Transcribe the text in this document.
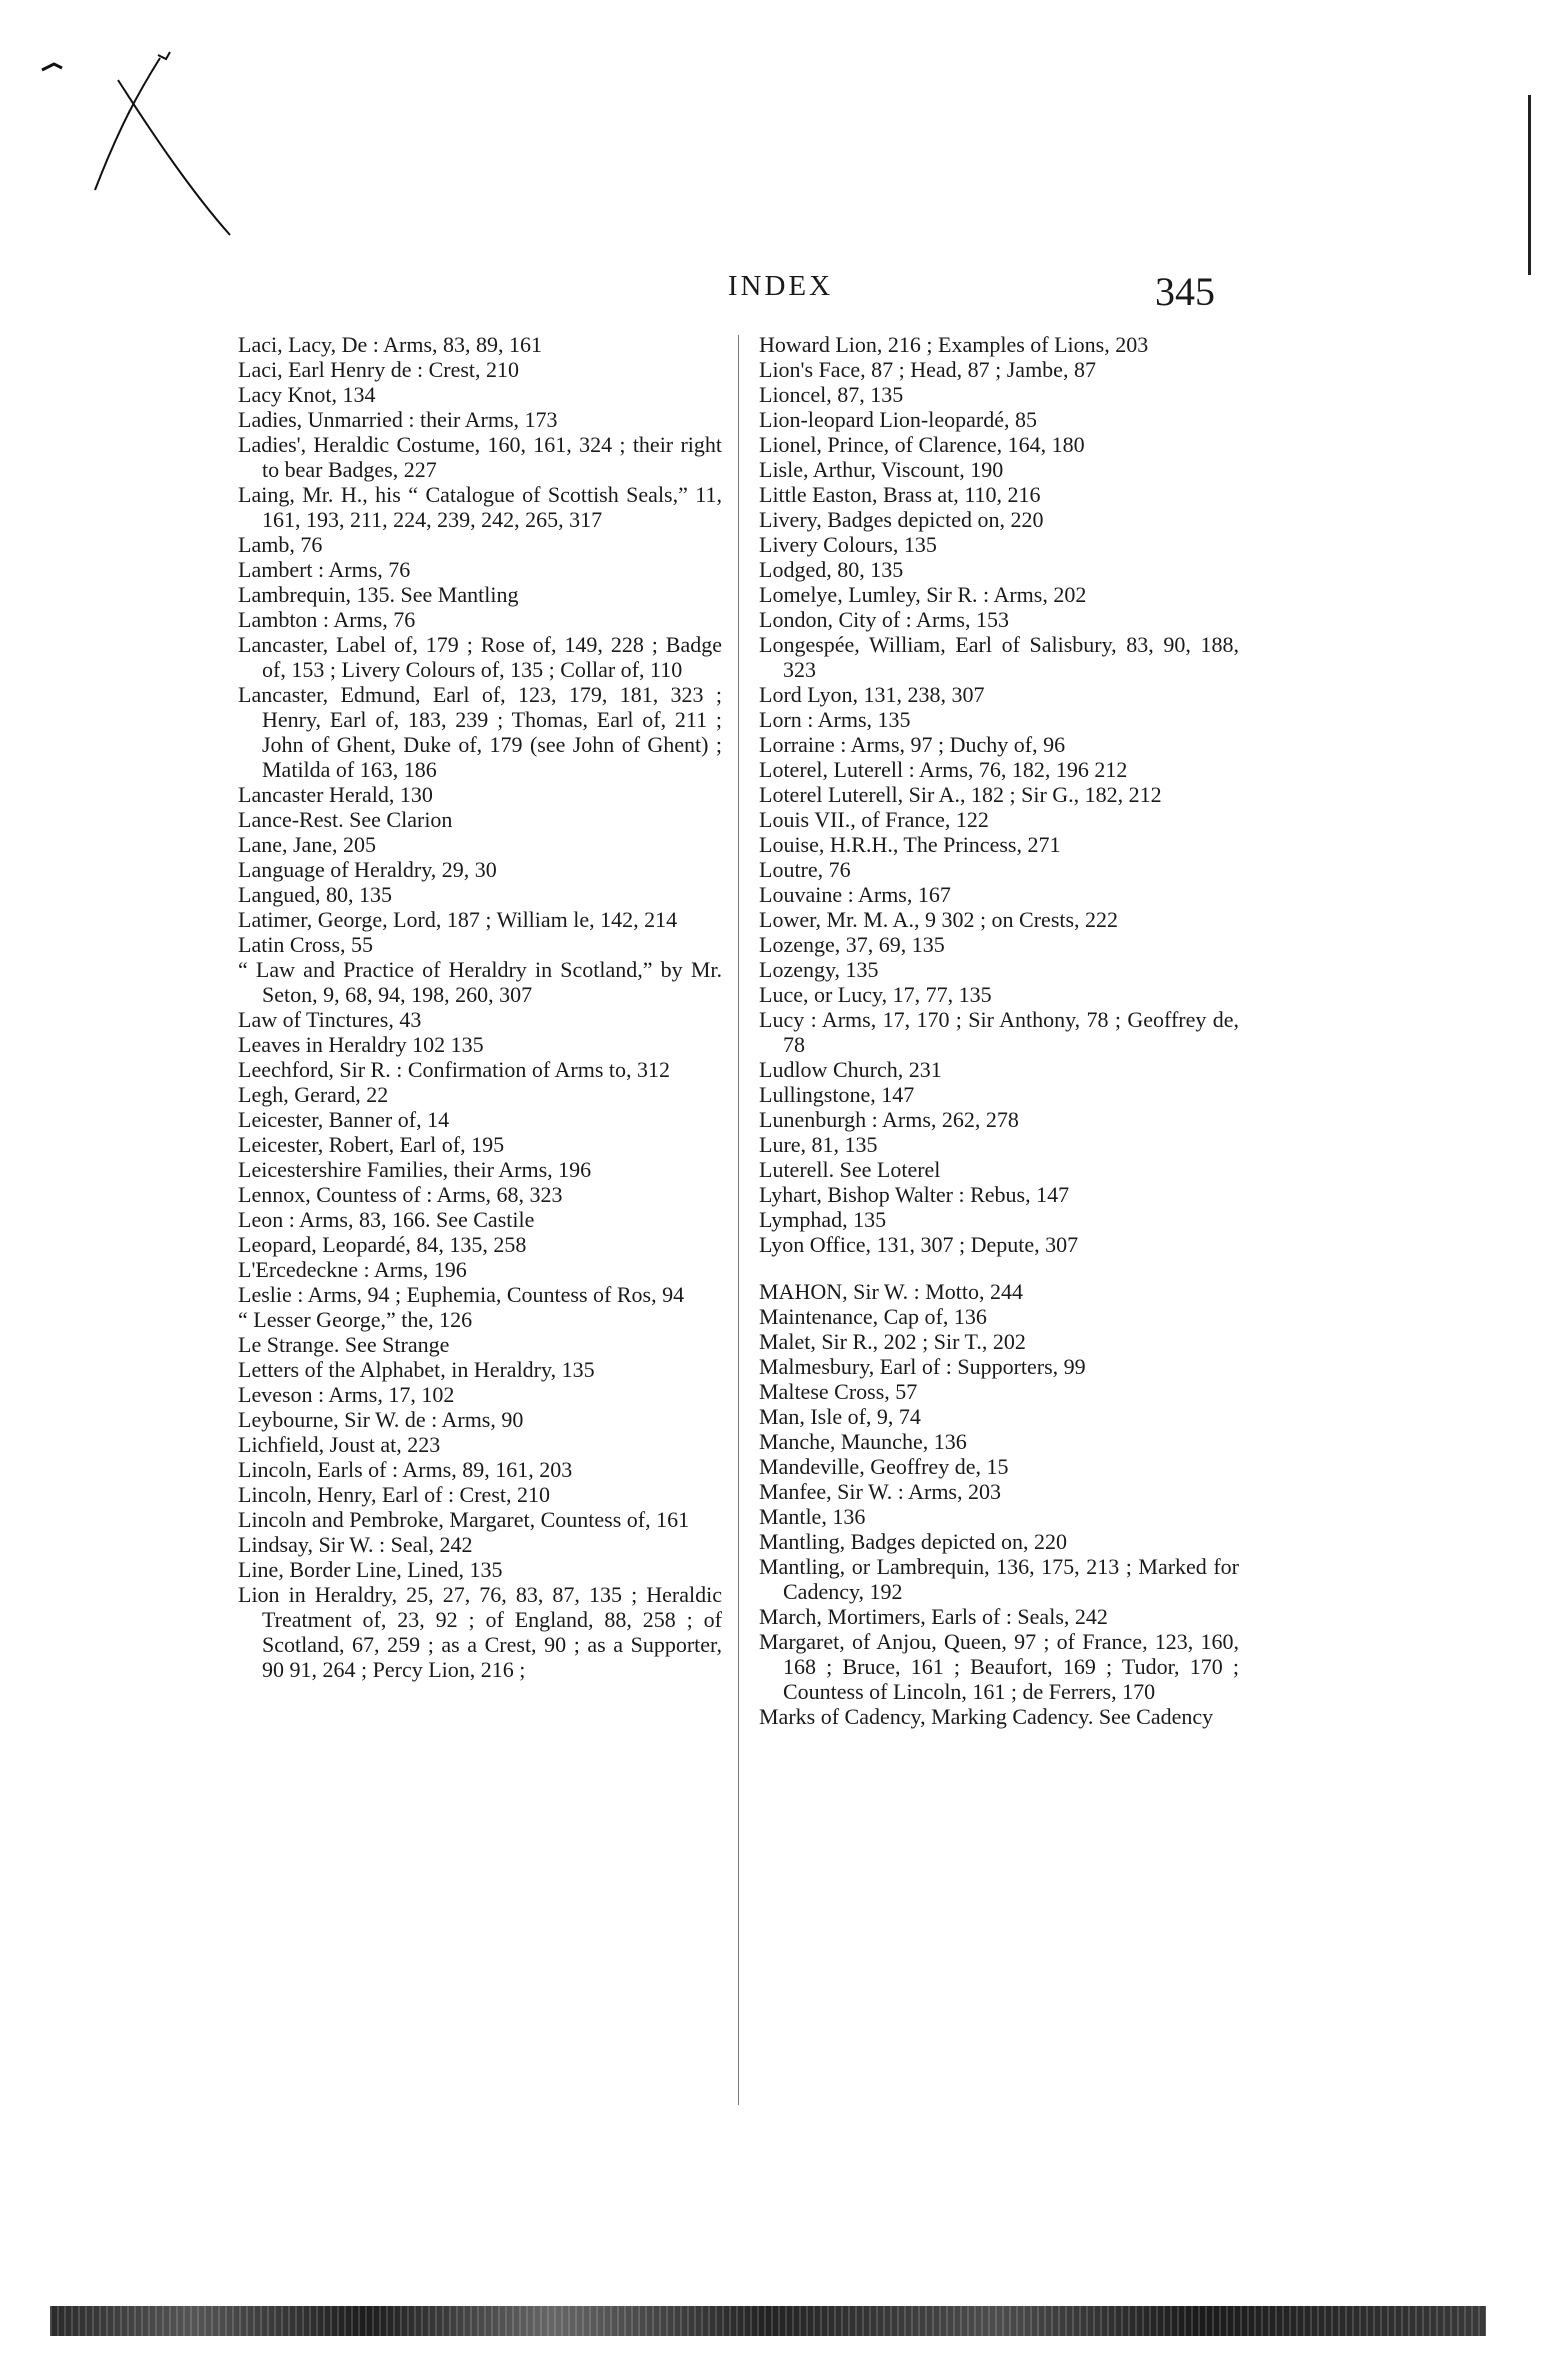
INDEX	345

Laci, Lacy, De : Arms, 83, 89, 161

Laci, Earl Henry de : Crest, 210

Lacy Knot, 134

Ladies, Unmarried : their Arms, 173

Ladies', Heraldic Costume, 160, 161, 324 ; their right to bear Badges, 227

Laing, Mr. H., his “ Catalogue of Scottish Seals,” 11, 161, 193, 211, 224, 239, 242, 265, 317

Lamb, 76

Lambert : Arms, 76

Lambrequin, 135. See Mantling

Lambton : Arms, 76

Lancaster, Label of, 179 ; Rose of, 149, 228 ; Badge of, 153 ; Livery Colours of, 135 ; Collar of, 110

Lancaster, Edmund, Earl of, 123, 179, 181, 323 ; Henry, Earl of, 183, 239 ; Thomas, Earl of, 211 ; John of Ghent, Duke of, 179 (see John of Ghent) ; Matilda of 163, 186

Lancaster Herald, 130

Lance-Rest. See Clarion

Lane, Jane, 205

Language of Heraldry, 29, 30

Langued, 80, 135

Latimer, George, Lord, 187 ; William le, 142, 214

Latin Cross, 55

“ Law and Practice of Heraldry in Scotland,” by Mr. Seton, 9, 68, 94, 198, 260, 307

Law of Tinctures, 43

Leaves in Heraldry 102 135

Leechford, Sir R. : Confirmation of Arms to, 312

Legh, Gerard, 22

Leicester, Banner of, 14

Leicester, Robert, Earl of, 195

Leicestershire Families, their Arms, 196

Lennox, Countess of : Arms, 68, 323

Leon : Arms, 83, 166. See Castile

Leopard, Leopardé, 84, 135, 258

L'Ercedeckne : Arms, 196

Leslie : Arms, 94 ; Euphemia, Countess of Ros, 94

“ Lesser George,” the, 126

Le Strange. See Strange

Letters of the Alphabet, in Heraldry, 135

Leveson : Arms, 17, 102

Leybourne, Sir W. de : Arms, 90

Lichfield, Joust at, 223

Lincoln, Earls of : Arms, 89, 161, 203

Lincoln, Henry, Earl of : Crest, 210

Lincoln and Pembroke, Margaret, Countess of, 161

Lindsay, Sir W. : Seal, 242

Line, Border Line, Lined, 135

Lion in Heraldry, 25, 27, 76, 83, 87, 135 ; Heraldic Treatment of, 23, 92 ; of England, 88, 258 ; of Scotland, 67, 259 ; as a Crest, 90 ; as a Supporter, 90 91, 264 ; Percy Lion, 216 ;

Howard Lion, 216 ; Examples of Lions, 203

Lion's Face, 87 ; Head, 87 ; Jambe, 87

Lioncel, 87, 135

Lion-leopard Lion-leopardé, 85

Lionel, Prince, of Clarence, 164, 180

Lisle, Arthur, Viscount, 190

Little Easton, Brass at, 110, 216

Livery, Badges depicted on, 220

Livery Colours, 135

Lodged, 80, 135

Lomelye, Lumley, Sir R. : Arms, 202

London, City of : Arms, 153

Longespée, William, Earl of Salisbury, 83, 90, 188, 323

Lord Lyon, 131, 238, 307

Lorn : Arms, 135

Lorraine : Arms, 97 ; Duchy of, 96

Loterel, Luterell : Arms, 76, 182, 196 212

Loterel Luterell, Sir A., 182 ; Sir G., 182, 212

Louis VII., of France, 122

Louise, H.R.H., The Princess, 271

Loutre, 76

Louvaine : Arms, 167

Lower, Mr. M. A., 9 302 ; on Crests, 222

Lozenge, 37, 69, 135

Lozengy, 135

Luce, or Lucy, 17, 77, 135

Lucy : Arms, 17, 170 ; Sir Anthony, 78 ; Geoffrey de, 78

Ludlow Church, 231

Lullingstone, 147

Lunenburgh : Arms, 262, 278

Lure, 81, 135

Luterell. See Loterel

Lyhart, Bishop Walter : Rebus, 147

Lymphad, 135

Lyon Office, 131, 307 ; Depute, 307

MAHON, Sir W. : Motto, 244

Maintenance, Cap of, 136

Malet, Sir R., 202 ; Sir T., 202

Malmesbury, Earl of : Supporters, 99

Maltese Cross, 57

Man, Isle of, 9, 74

Manche, Maunche, 136

Mandeville, Geoffrey de, 15

Manfee, Sir W. : Arms, 203

Mantle, 136

Mantling, Badges depicted on, 220

Mantling, or Lambrequin, 136, 175, 213 ; Marked for Cadency, 192

March, Mortimers, Earls of : Seals, 242

Margaret, of Anjou, Queen, 97 ; of France, 123, 160, 168 ; Bruce, 161 ; Beaufort, 169 ; Tudor, 170 ; Countess of Lincoln, 161 ; de Ferrers, 170

Marks of Cadency, Marking Cadency. See Cadency
